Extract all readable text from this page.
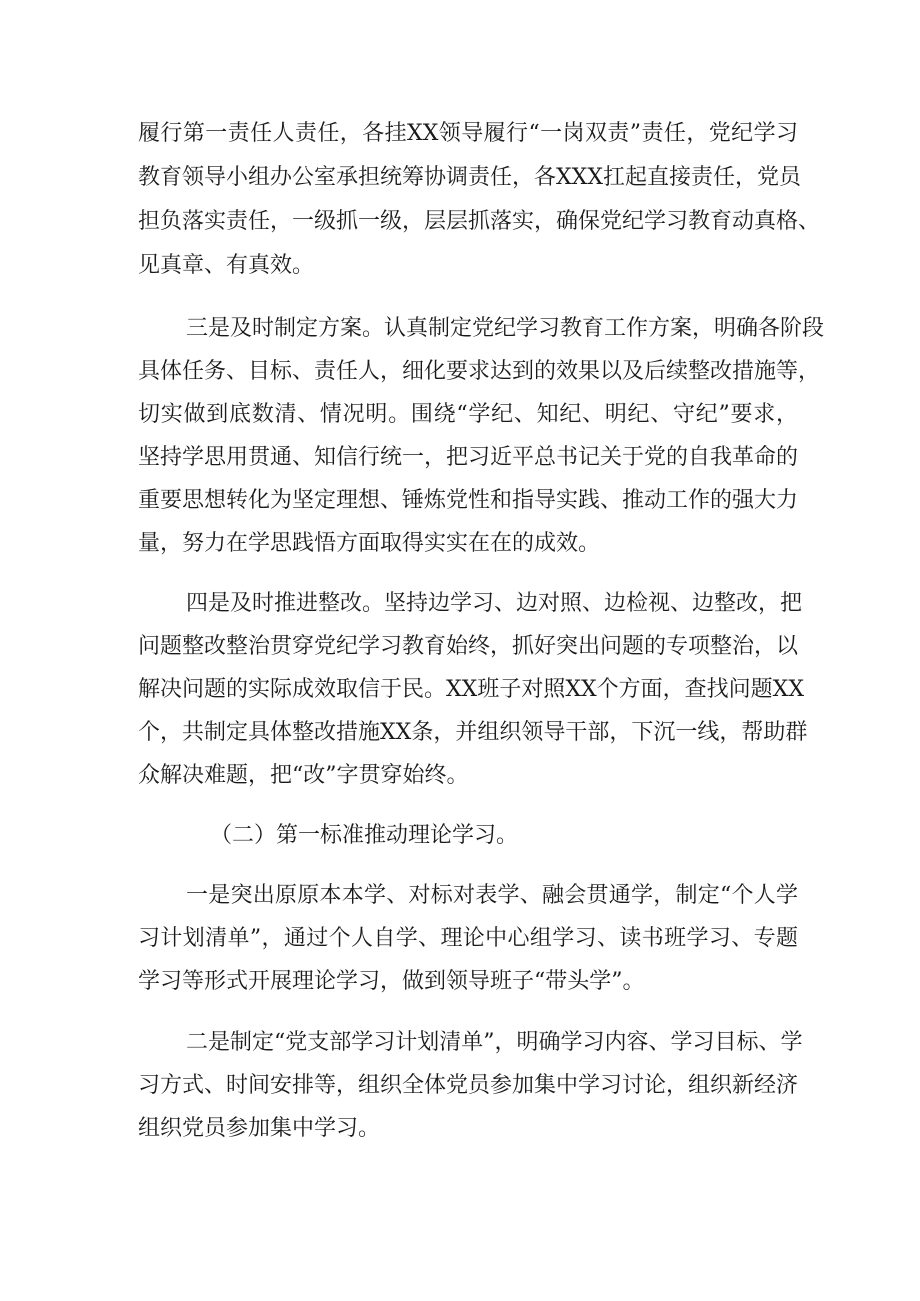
履行第一责任人责任，各挂XX领导履行“一岗双责”责任，党纪学习
教育领导小组办公室承担统筹协调责任，各XXX扛起直接责任，党员
担负落实责任，一级抓一级，层层抓落实，确保党纪学习教育动真格、
见真章、有真效。
三是及时制定方案。认真制定党纪学习教育工作方案，明确各阶段
具体任务、目标、责任人，细化要求达到的效果以及后续整改措施等，
切实做到底数清、情况明。围绕“学纪、知纪、明纪、守纪”要求，
坚持学思用贯通、知信行统一，把习近平总书记关于党的自我革命的
重要思想转化为坚定理想、锤炼党性和指导实践、推动工作的强大力
量，努力在学思践悟方面取得实实在在的成效。
四是及时推进整改。坚持边学习、边对照、边检视、边整改，把
问题整改整治贯穿党纪学习教育始终，抓好突出问题的专项整治，以
解决问题的实际成效取信于民。XX班子对照XX个方面，查找问题XX
个，共制定具体整改措施XX条，并组织领导干部，下沉一线，帮助群
众解决难题，把“改”字贯穿始终。
（二）第一标准推动理论学习。
一是突出原原本本学、对标对表学、融会贯通学，制定“个人学
习计划清单”，通过个人自学、理论中心组学习、读书班学习、专题
学习等形式开展理论学习，做到领导班子“带头学”。
二是制定“党支部学习计划清单”，明确学习内容、学习目标、学
习方式、时间安排等，组织全体党员参加集中学习讨论，组织新经济
组织党员参加集中学习。
